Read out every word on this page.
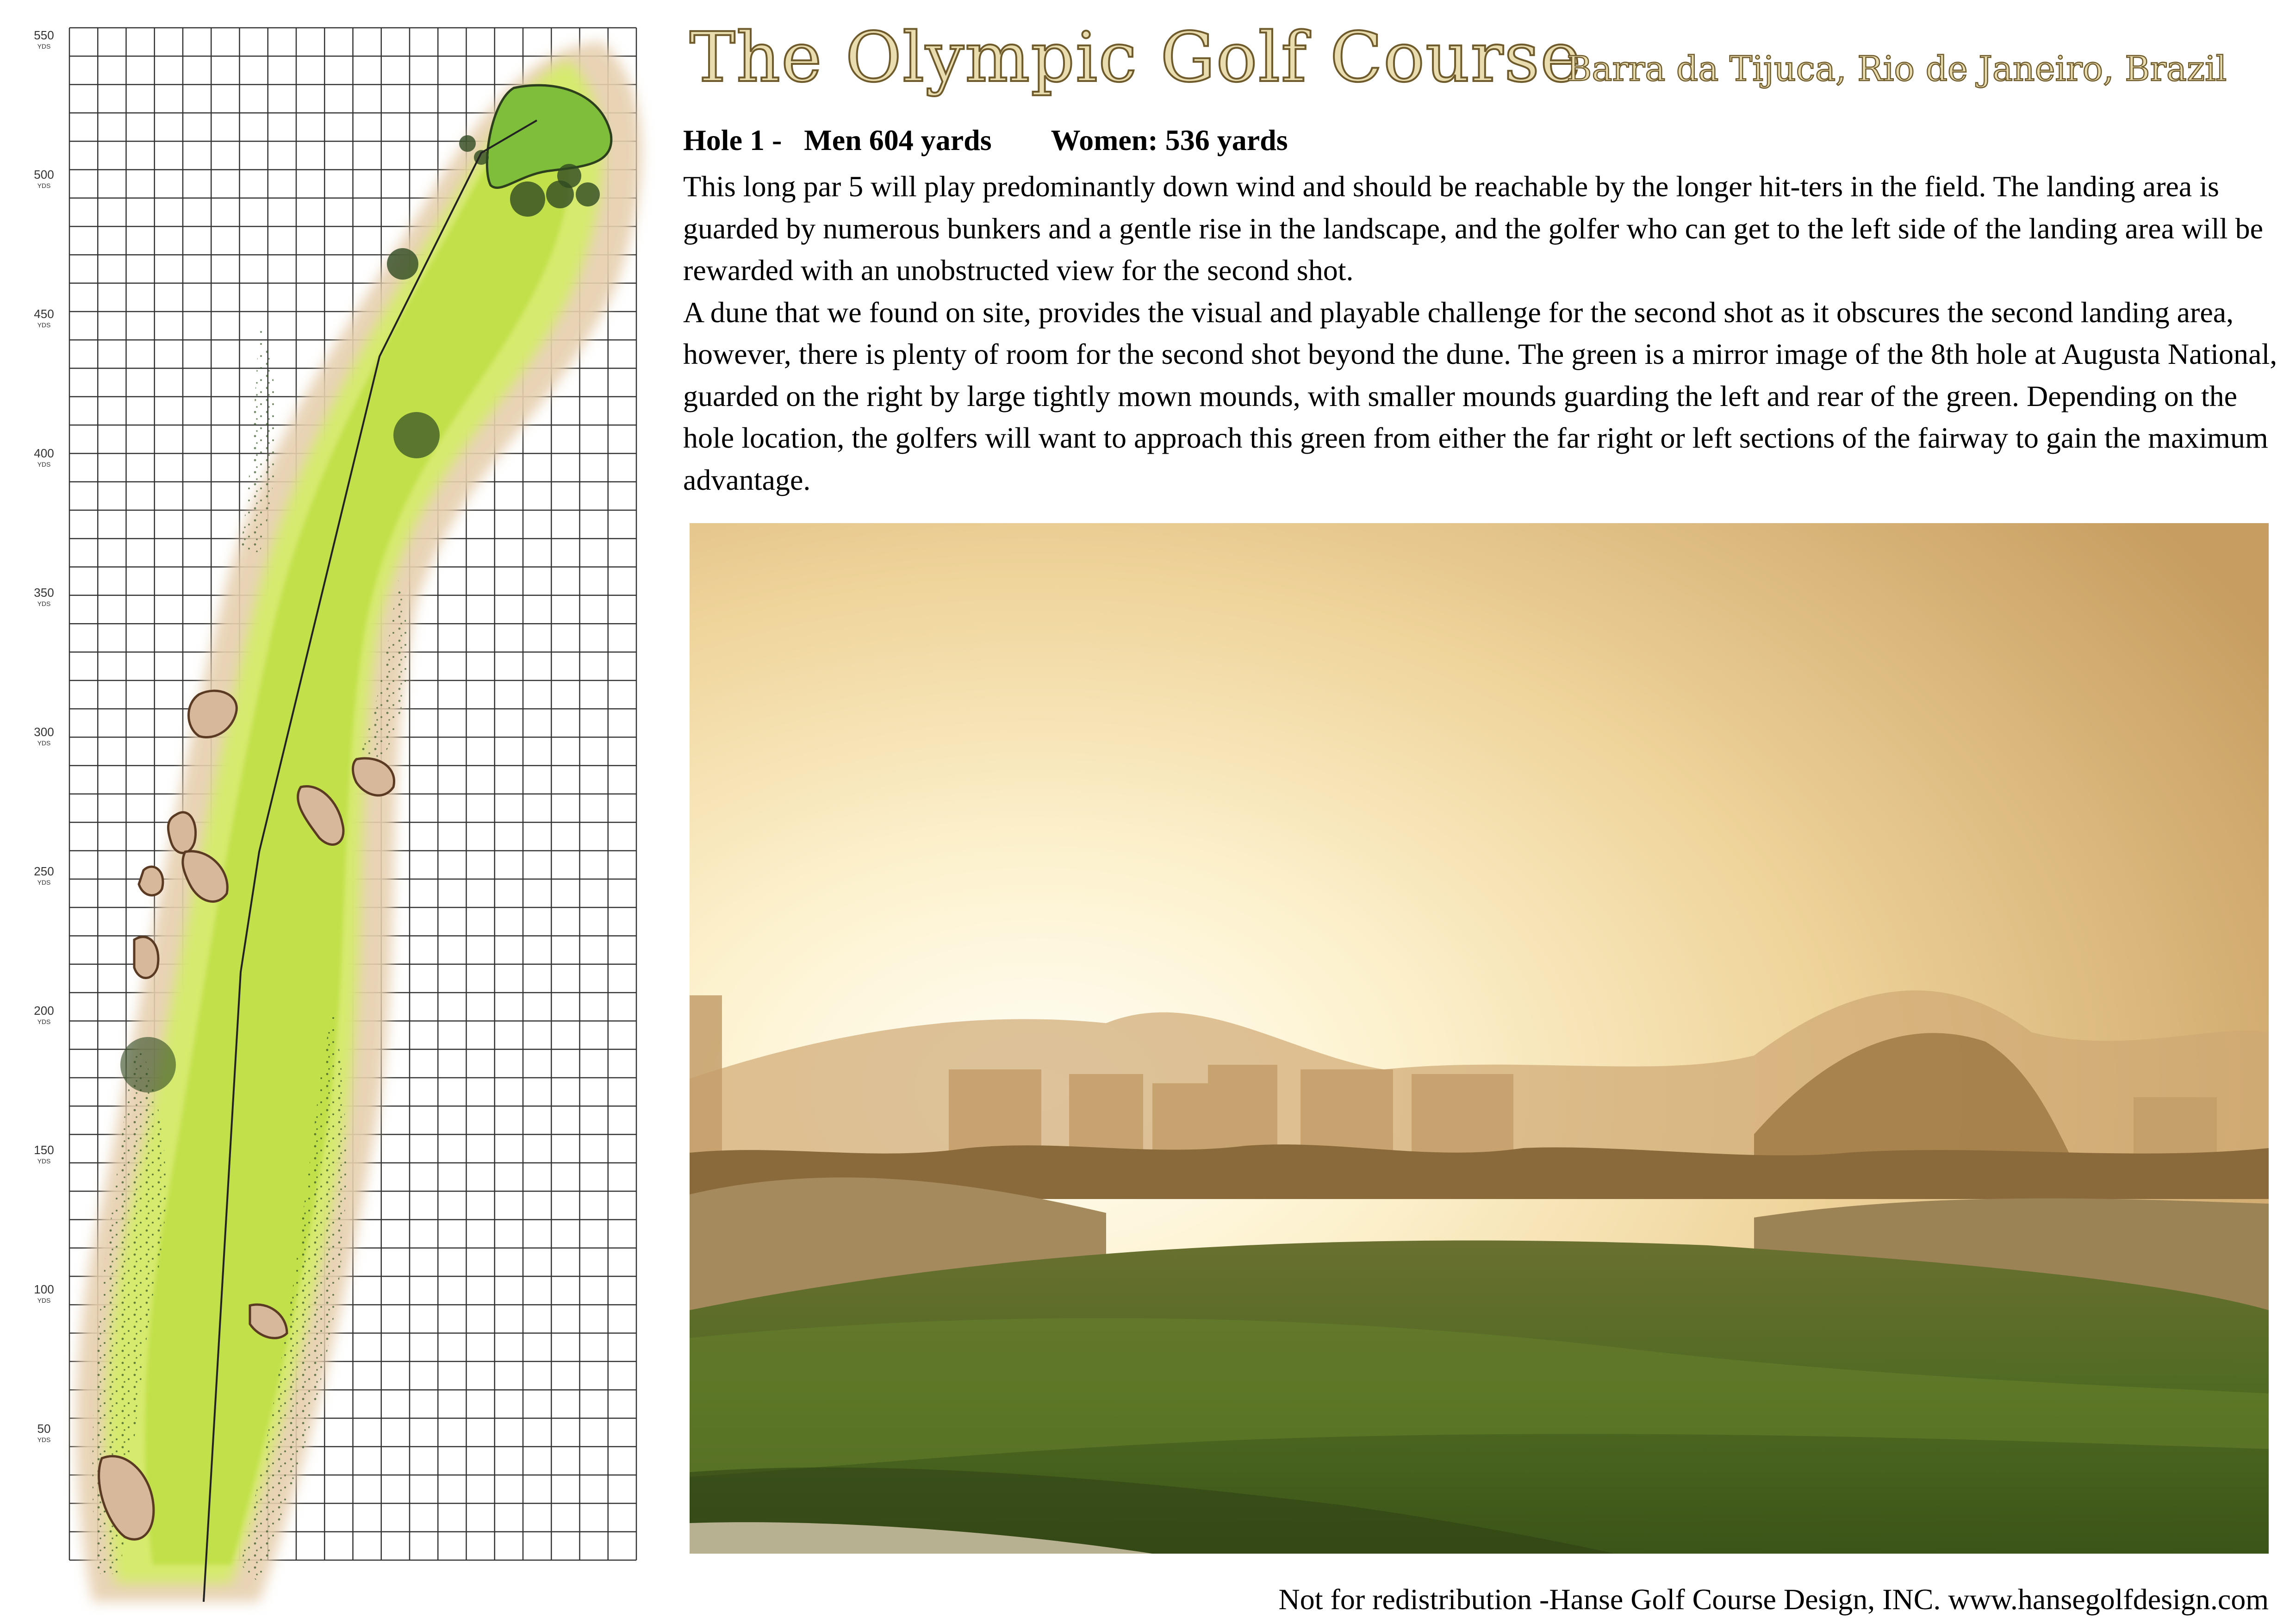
550
YDS
500
YDS
450
YDS
400
YDS
350
YDS
300
YDS
250
YDS
200
YDS
150
YDS
100
YDS
50
YDS
The Olympic Golf Course
Barra da Tijuca, Rio de Janeiro, Brazil
Hole 1 - Men 604 yards Women: 536 yards

This long par 5 will play predominantly down wind and should be reachable by the longer hit-ters in the field. The landing area is guarded by numerous bunkers and a gentle rise in the landscape, and the golfer who can get to the left side of the landing area will be rewarded with an unobstructed view for the second shot.

A dune that we found on site, provides the visual and playable challenge for the second shot as it obscures the second landing area, however, there is plenty of room for the second shot beyond the dune. The green is a mirror image of the 8th hole at Augusta National, guarded on the right by large tightly mown mounds, with smaller mounds guarding the left and rear of the green. Depending on the hole location, the golfers will want to approach this green from either the far right or left sections of the fairway to gain the maximum advantage.

Not for redistribution -Hanse Golf Course Design, INC. www.hansegolfdesign.com
